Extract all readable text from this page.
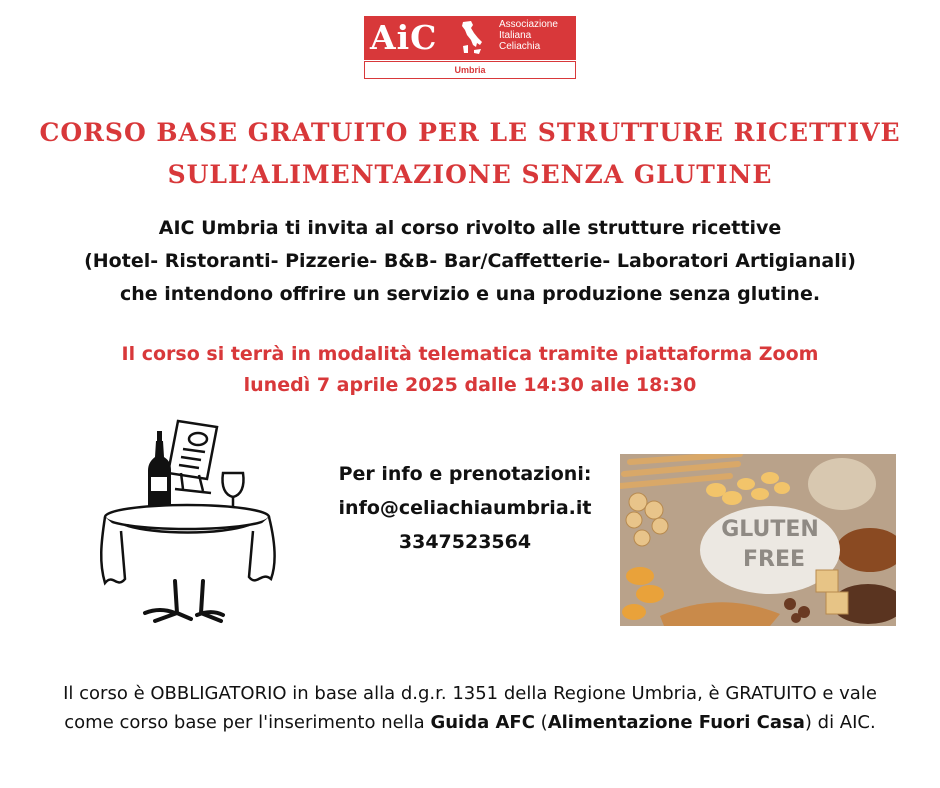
AiC	Associazione
Italiana
Celiachia
Umbria
CORSO BASE GRATUITO PER LE STRUTTURE RICETTIVE
SULL’ALIMENTAZIONE SENZA GLUTINE
AIC Umbria ti invita al corso rivolto alle strutture ricettive
(Hotel- Ristoranti- Pizzerie- B&B- Bar/Caffetterie- Laboratori Artigianali)
che intendono offrire un servizio e una produzione senza glutine.
Il corso si terrà in modalità telematica tramite piattaforma Zoom
lunedì 7 aprile 2025 dalle 14:30 alle 18:30
Per info e prenotazioni:
info@celiachiaumbria.it
3347523564	GLUTEN
FREE
Il corso è OBBLIGATORIO in base alla d.g.r. 1351 della Regione Umbria, è GRATUITO e vale
come corso base per l'inserimento nella Guida AFC (Alimentazione Fuori Casa) di AIC.
